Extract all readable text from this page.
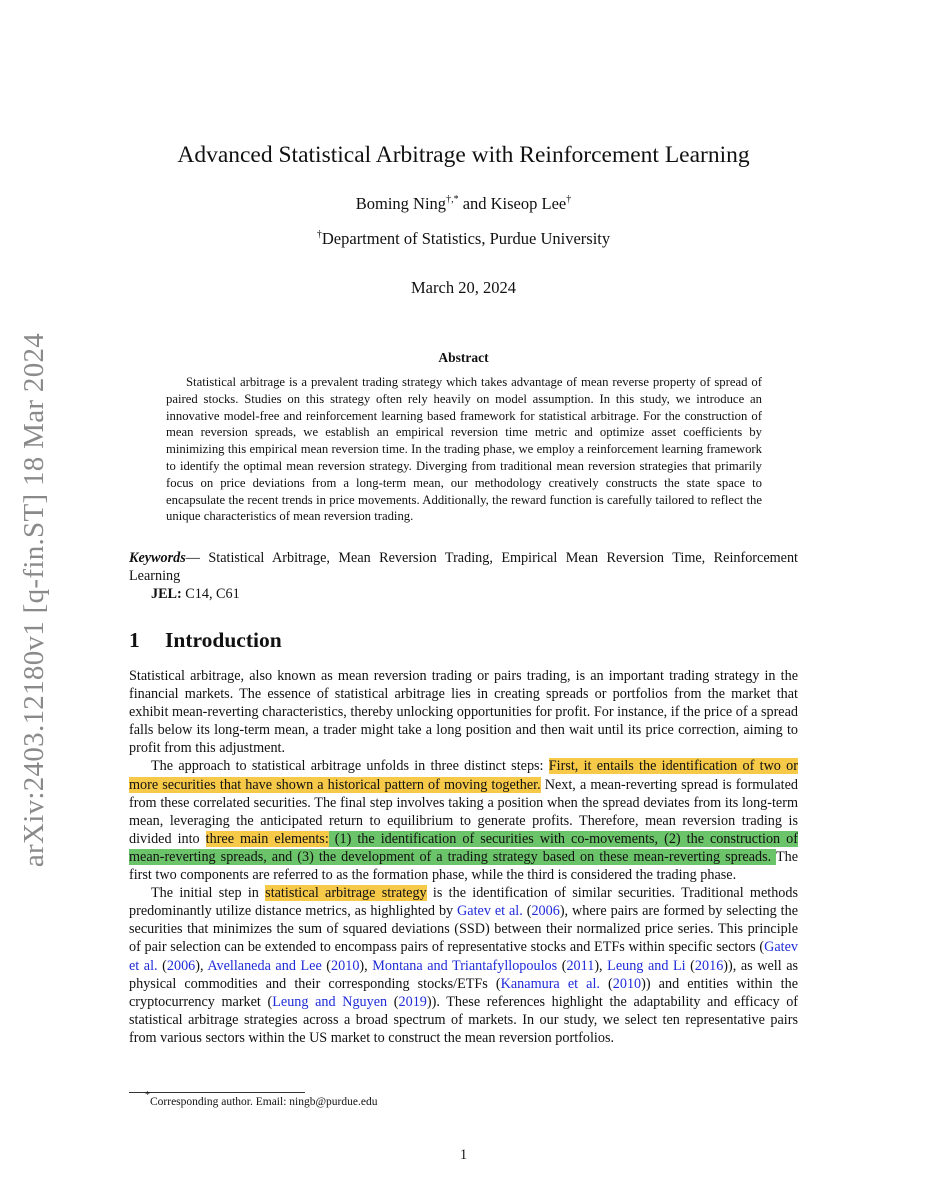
arXiv:2403.12180v1 [q-fin.ST] 18 Mar 2024
Advanced Statistical Arbitrage with Reinforcement Learning
Boming Ning†,* and Kiseop Lee†
†Department of Statistics, Purdue University
March 20, 2024
Abstract

Statistical arbitrage is a prevalent trading strategy which takes advantage of mean reverse property of spread of paired stocks. Studies on this strategy often rely heavily on model assumption. In this study, we introduce an innovative model-free and reinforcement learning based framework for statistical arbitrage. For the construction of mean reversion spreads, we establish an empirical reversion time metric and optimize asset coefficients by minimizing this empirical mean reversion time. In the trading phase, we employ a reinforcement learning framework to identify the optimal mean reversion strategy. Diverging from traditional mean reversion strategies that primarily focus on price deviations from a long-term mean, our methodology creatively constructs the state space to encapsulate the recent trends in price movements. Additionally, the reward function is carefully tailored to reflect the unique characteristics of mean reversion trading.

Keywords— Statistical Arbitrage, Mean Reversion Trading, Empirical Mean Reversion Time, Reinforcement Learning

JEL: C14, C61

1 Introduction

Statistical arbitrage, also known as mean reversion trading or pairs trading, is an important trading strategy in the financial markets. The essence of statistical arbitrage lies in creating spreads or portfolios from the market that exhibit mean-reverting characteristics, thereby unlocking opportunities for profit. For instance, if the price of a spread falls below its long-term mean, a trader might take a long position and then wait until its price correction, aiming to profit from this adjustment.

The approach to statistical arbitrage unfolds in three distinct steps: First, it entails the identification of two or more securities that have shown a historical pattern of moving together. Next, a mean-reverting spread is formulated from these correlated securities. The final step involves taking a position when the spread deviates from its long-term mean, leveraging the anticipated return to equilibrium to generate profits. Therefore, mean reversion trading is divided into three main elements: (1) the identification of securities with co-movements, (2) the construction of mean-reverting spreads, and (3) the development of a trading strategy based on these mean-reverting spreads. The first two components are referred to as the formation phase, while the third is considered the trading phase.

The initial step in statistical arbitrage strategy is the identification of similar securities. Traditional methods predominantly utilize distance metrics, as highlighted by Gatev et al. (2006), where pairs are formed by selecting the securities that minimizes the sum of squared deviations (SSD) between their normalized price series. This principle of pair selection can be extended to encompass pairs of representative stocks and ETFs within specific sectors (Gatev et al. (2006), Avellaneda and Lee (2010), Montana and Triantafyllopoulos (2011), Leung and Li (2016)), as well as physical commodities and their corresponding stocks/ETFs (Kanamura et al. (2010)) and entities within the cryptocurrency market (Leung and Nguyen (2019)). These references highlight the adaptability and efficacy of statistical arbitrage strategies across a broad spectrum of markets. In our study, we select ten representative pairs from various sectors within the US market to construct the mean reversion portfolios.

*Corresponding author. Email: ningb@purdue.edu
1
